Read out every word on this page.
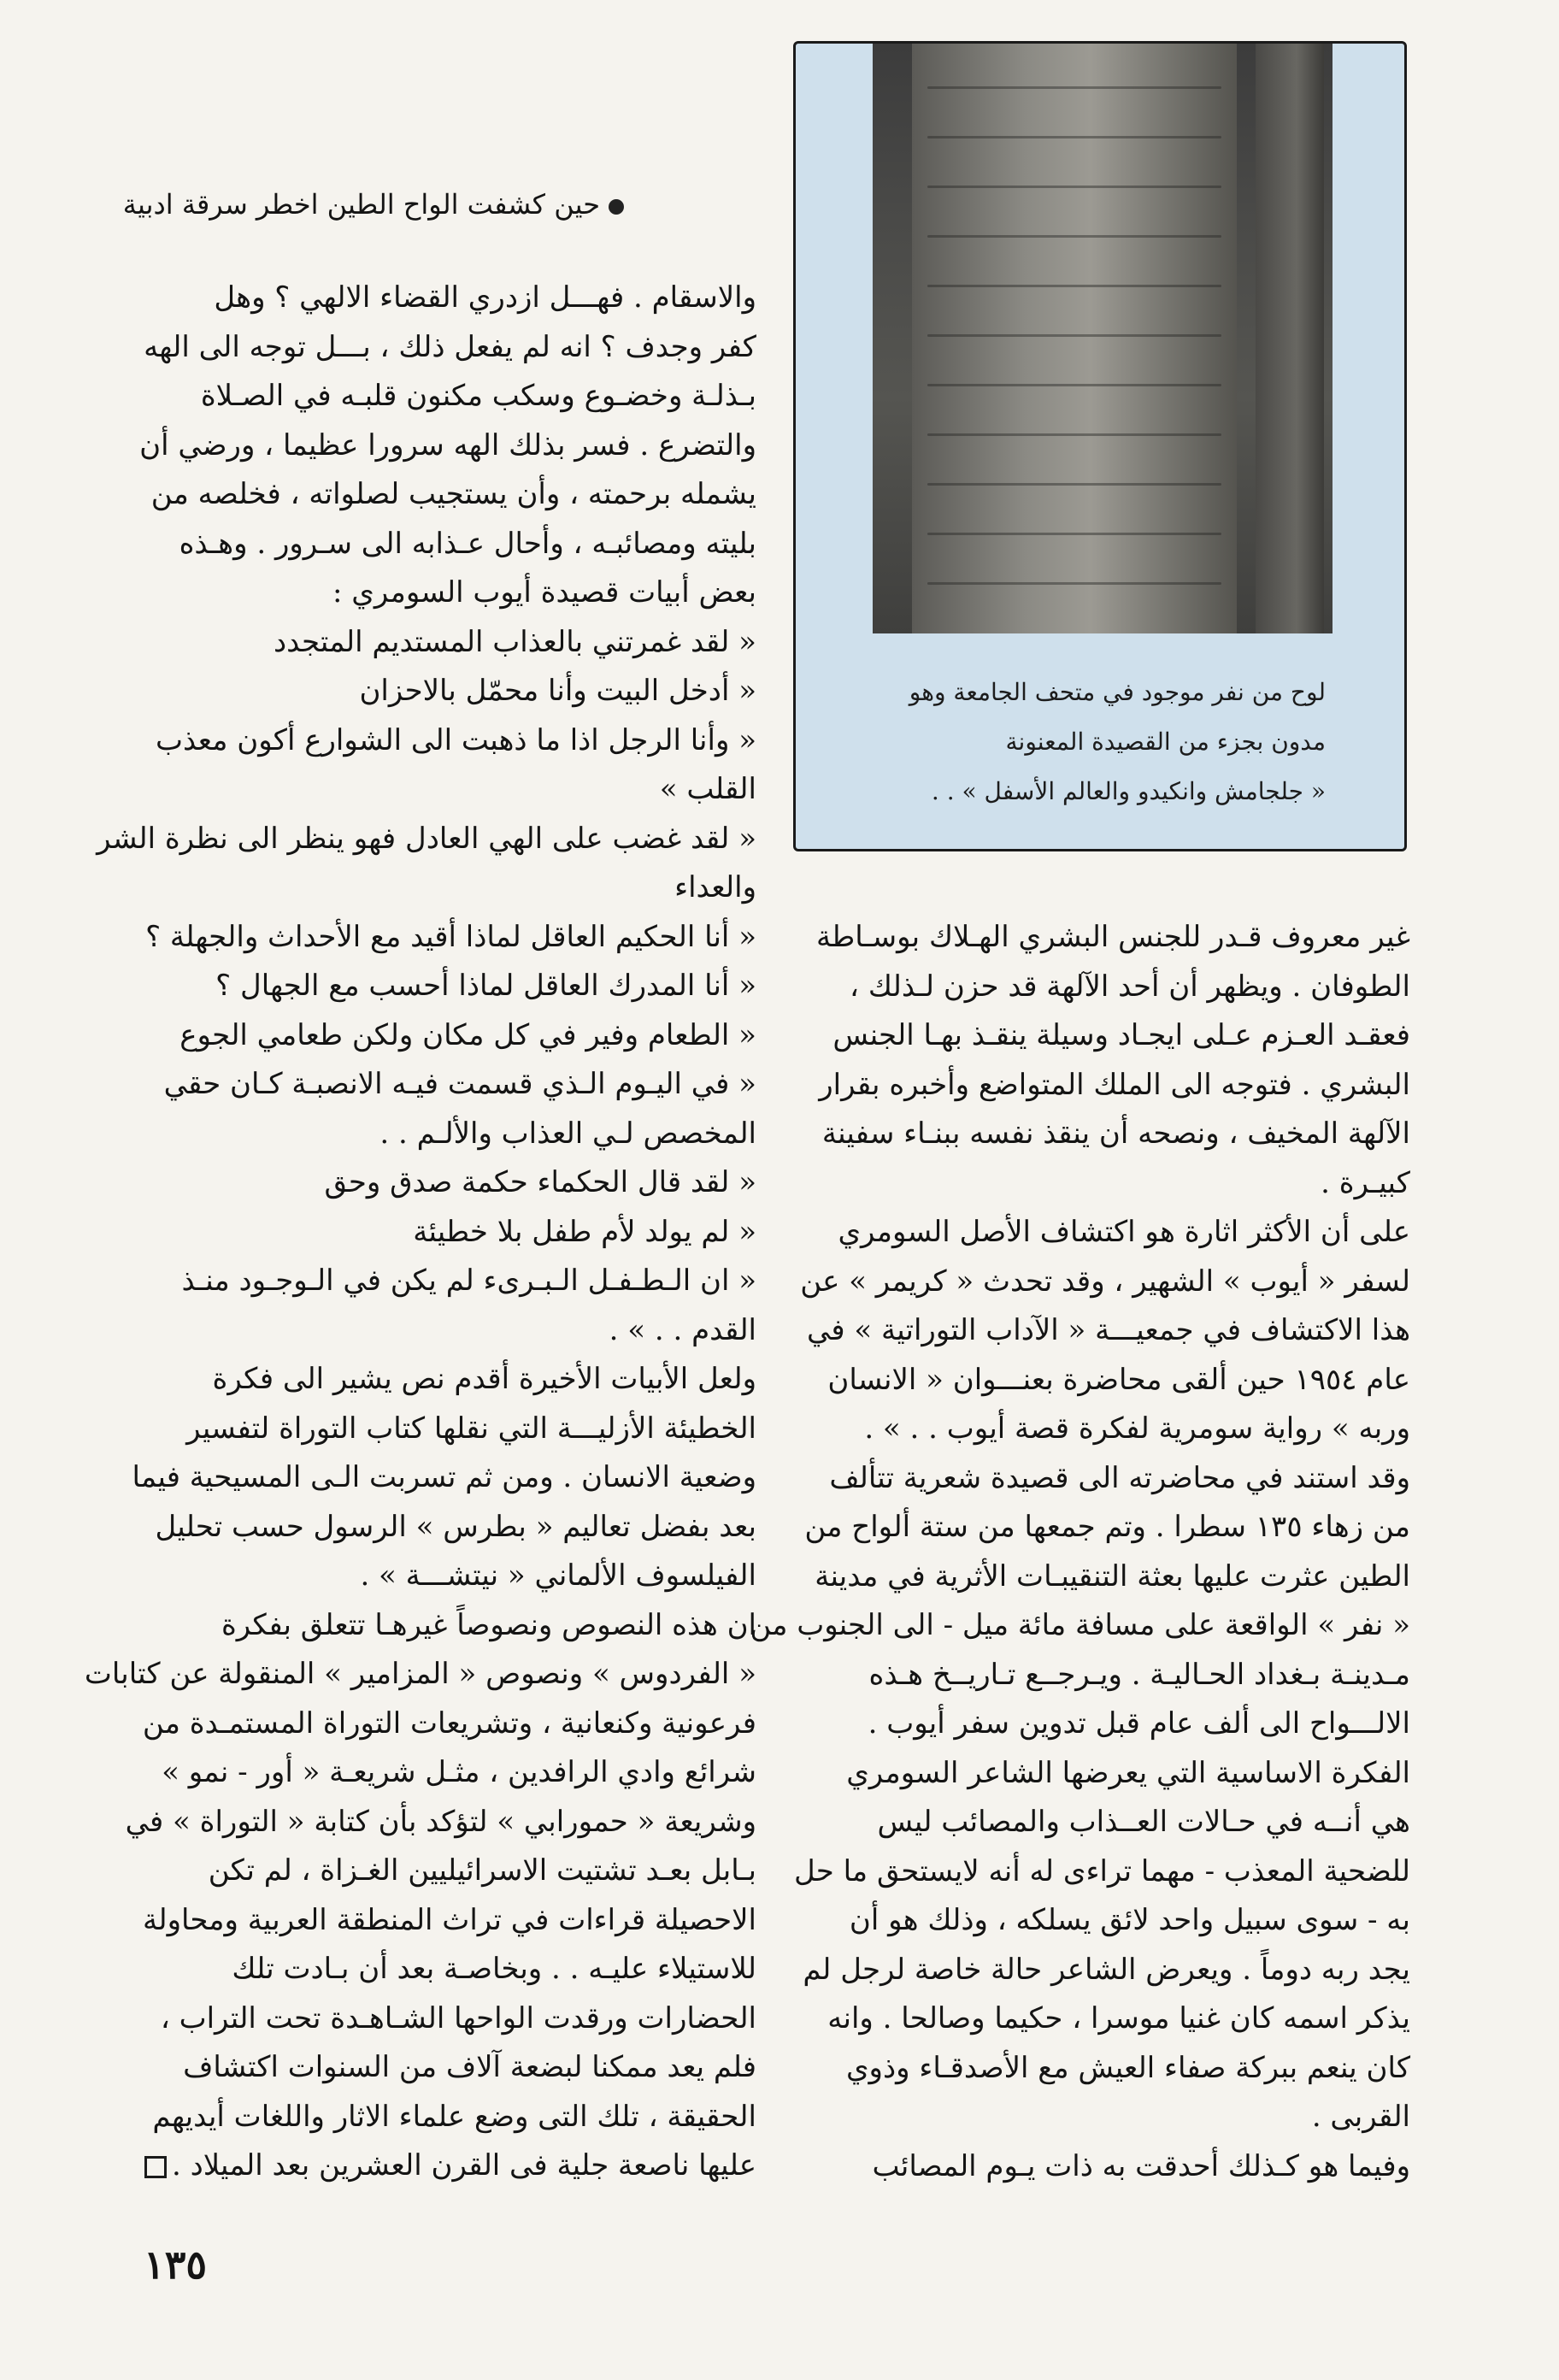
لوح من نفر موجود في متحف الجامعة وهو

مدون بجزء من القصيدة المعنونة

« جلجامش وانكيدو والعالم الأسفل » . .

حين كشفت الواح الطين اخطر سرقة ادبية

والاسقام . فهـــل ازدري القضاء الالهي ؟ وهل

كفر وجدف ؟ انه لم يفعل ذلك ، بـــل توجه الى الهه

بـذلـة وخضـوع وسكب مكنون قلبـه في الصـلاة

والتضرع . فسر بذلك الهه سرورا عظيما ، ورضي أن

يشمله برحمته ، وأن يستجيب لصلواته ، فخلصه من

بليته ومصائبـه ، وأحال عـذابه الى سـرور . وهـذه

بعض أبيات قصيدة أيوب السومري :

« لقد غمرتني بالعذاب المستديم المتجدد

« أدخل البيت وأنا محمّل بالاحزان

« وأنا الرجل اذا ما ذهبت الى الشوارع أكون معذب

القلب »

« لقد غضب على الهي العادل فهو ينظر الى نظرة الشر

والعداء

« أنا الحكيم العاقل لماذا أقيد مع الأحداث والجهلة ؟

« أنا المدرك العاقل لماذا أحسب مع الجهال ؟

« الطعام وفير في كل مكان ولكن طعامي الجوع

« في اليـوم الـذي قسمت فيـه الانصبـة كـان حقي

المخصص لـي العذاب والألـم . .

« لقد قال الحكماء حكمة صدق وحق

« لم يولد لأم طفل بلا خطيئة

« ان الـطـفـل الـبـرىء لم يكن في الـوجـود منـذ

القدم . . » .

ولعل الأبيات الأخيرة أقدم نص يشير الى فكرة

الخطيئة الأزليـــة التي نقلها كتاب التوراة لتفسير

وضعية الانسان . ومن ثم تسربت الـى المسيحية فيما

بعد بفضل تعاليم « بطرس » الرسول حسب تحليل

الفيلسوف الألماني « نيتشـــة » .

ان هذه النصوص ونصوصاً غيرهـا تتعلق بفكرة

« الفردوس » ونصوص « المزامير » المنقولة عن كتابات

فرعونية وكنعانية ، وتشريعات التوراة المستمـدة من

شرائع وادي الرافدين ، مثـل شريعـة « أور - نمو »

وشريعة « حمورابي » لتؤكد بأن كتابة « التوراة » في

بـابل بعـد تشتيت الاسرائيليين الغـزاة ، لم تكن

الاحصيلة قراءات في تراث المنطقة العربية ومحاولة

للاستيلاء عليـه . . وبخاصـة بعد أن بـادت تلك

الحضارات ورقدت الواحها الشـاهـدة تحت التراب ،

فلم يعد ممكنا لبضعة آلاف من السنوات اكتشاف

الحقيقة ، تلك التى وضع علماء الاثار واللغات أيديهم

عليها ناصعة جلية فى القرن العشرين بعد الميلاد .

غير معروف قـدر للجنس البشري الهـلاك بوسـاطة

الطوفان . ويظهر أن أحد الآلهة قد حزن لـذلك ،

فعقـد العـزم عـلى ايجـاد وسيلة ينقـذ بهـا الجنس

البشري . فتوجه الى الملك المتواضع وأخبره بقرار

الآلهة المخيف ، ونصحه أن ينقذ نفسه ببنـاء سفينة

كبيـرة .

على أن الأكثر اثارة هو اكتشاف الأصل السومري

لسفر « أيوب » الشهير ، وقد تحدث « كريمر » عن

هذا الاكتشاف في جمعيـــة « الآداب التوراتية » في

عام ١٩٥٤ حين ألقى محاضرة بعنـــوان « الانسان

وربه » رواية سومرية لفكرة قصة أيوب . . » .

وقد استند في محاضرته الى قصيدة شعرية تتألف

من زهاء ١٣٥ سطرا . وتم جمعها من ستة ألواح من

الطين عثرت عليها بعثة التنقيبـات الأثرية في مدينة

« نفر » الواقعة على مسافة مائة ميل - الى الجنوب من

مـدينـة بـغداد الحـاليـة . ويـرجــع تـاريــخ هـذه

الالـــواح الى ألف عام قبل تدوين سفر أيوب .

الفكرة الاساسية التي يعرضها الشاعر السومري

هي أنــه في حـالات العــذاب والمصائب ليس

للضحية المعذب - مهما تراءى له أنه لايستحق ما حل

به - سوى سبيل واحد لائق يسلكه ، وذلك هو أن

يجد ربه دوماً . ويعرض الشاعر حالة خاصة لرجل لم

يذكر اسمه كان غنيا موسرا ، حكيما وصالحا . وانه

كان ينعم ببركة صفاء العيش مع الأصدقـاء وذوي

القربى .

وفيما هو كـذلك أحدقت به ذات يـوم المصائب

١٣٥
